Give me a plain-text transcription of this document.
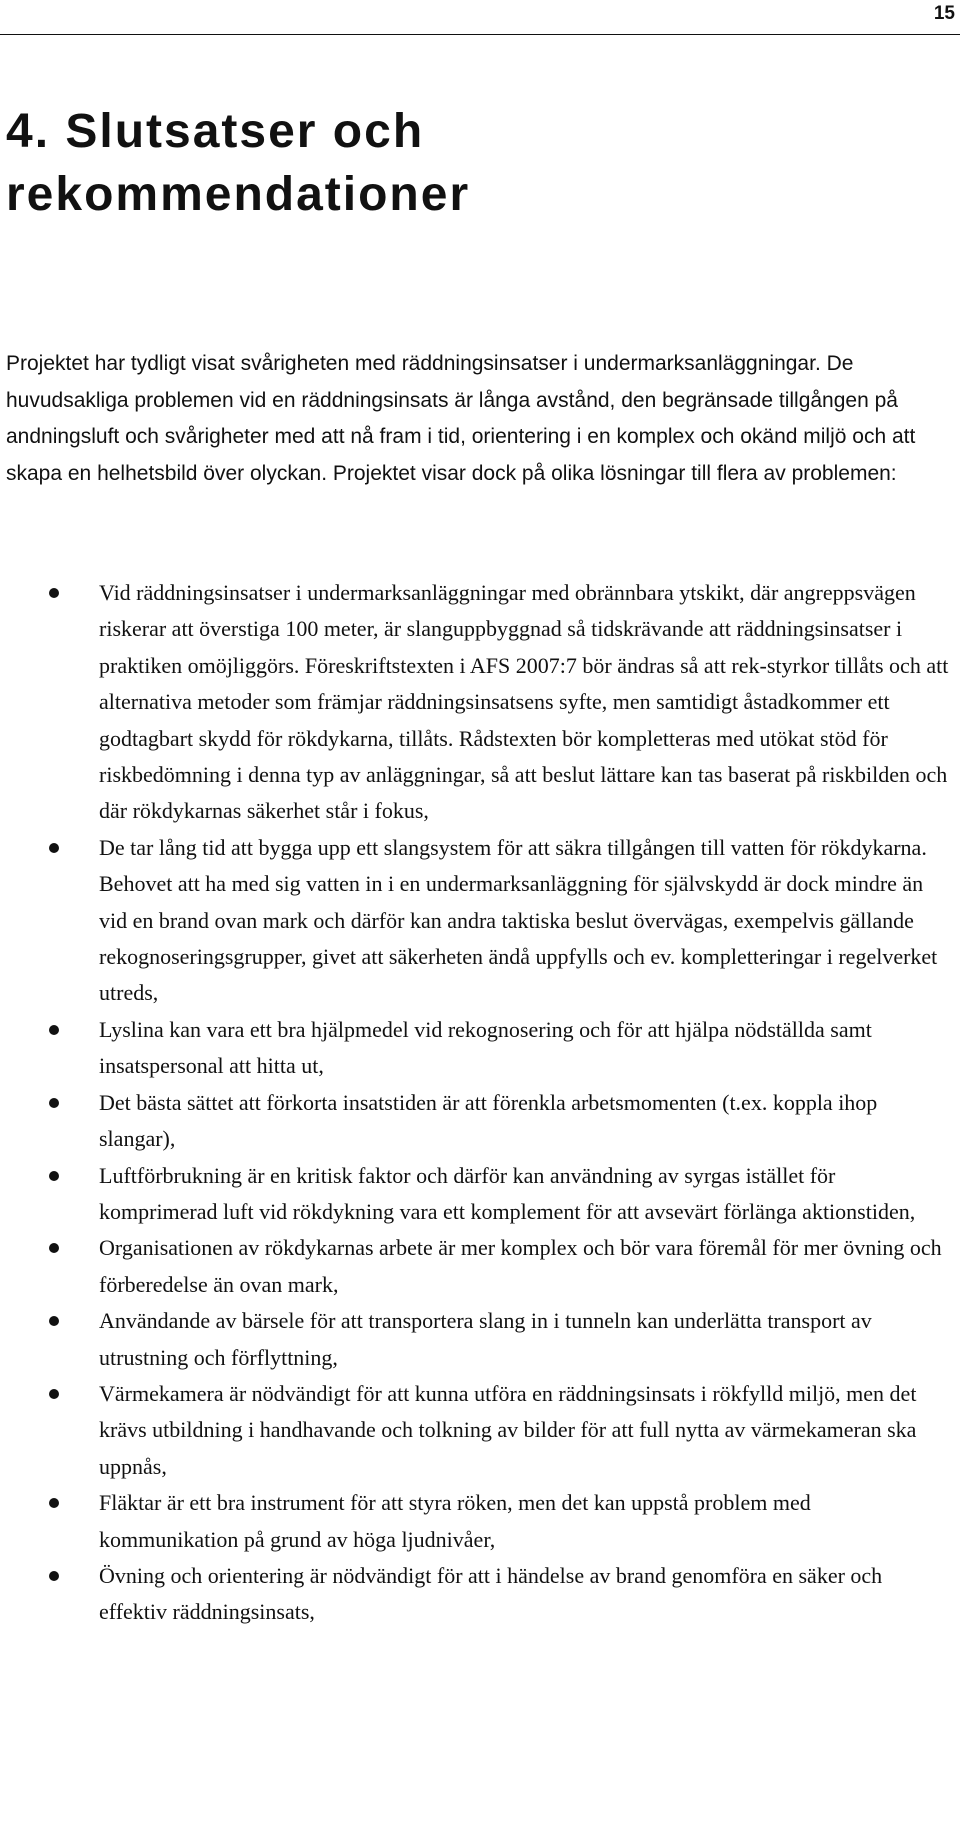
15
4. Slutsatser och
rekommendationer

Projektet har tydligt visat svårigheten med räddningsinsatser i undermarksanläggningar. De huvudsakliga problemen vid en räddningsinsats är långa avstånd, den begränsade tillgången på andningsluft och svårigheter med att nå fram i tid, orientering i en komplex och okänd miljö och att skapa en helhetsbild över olyckan. Projektet visar dock på olika lösningar till flera av problemen:

Vid räddningsinsatser i undermarksanläggningar med obrännbara ytskikt, där angreppsvägen riskerar att överstiga 100 meter, är slanguppbyggnad så tidskrävande att räddningsinsatser i praktiken omöjliggörs. Föreskriftstexten i AFS 2007:7 bör ändras så att rek-styrkor tillåts och att alternativa metoder som främjar räddningsinsatsens syfte, men samtidigt åstadkommer ett godtagbart skydd för rökdykarna, tillåts. Rådstexten bör kompletteras med utökat stöd för riskbedömning i denna typ av anläggningar, så att beslut lättare kan tas baserat på riskbilden och där rökdykarnas säkerhet står i fokus,
De tar lång tid att bygga upp ett slangsystem för att säkra tillgången till vatten för rökdykarna. Behovet att ha med sig vatten in i en undermarksanläggning för självskydd är dock mindre än vid en brand ovan mark och därför kan andra taktiska beslut övervägas, exempelvis gällande rekognoseringsgrupper, givet att säkerheten ändå uppfylls och ev. kompletteringar i regelverket utreds,
Lyslina kan vara ett bra hjälpmedel vid rekognosering och för att hjälpa nödställda samt insatspersonal att hitta ut,
Det bästa sättet att förkorta insatstiden är att förenkla arbetsmomenten (t.ex. koppla ihop slangar),
Luftförbrukning är en kritisk faktor och därför kan användning av syrgas istället för komprimerad luft vid rökdykning vara ett komplement för att avsevärt förlänga aktionstiden,
Organisationen av rökdykarnas arbete är mer komplex och bör vara föremål för mer övning och förberedelse än ovan mark,
Användande av bärsele för att transportera slang in i tunneln kan underlätta transport av utrustning och förflyttning,
Värmekamera är nödvändigt för att kunna utföra en räddningsinsats i rökfylld miljö, men det krävs utbildning i handhavande och tolkning av bilder för att full nytta av värmekameran ska uppnås,
Fläktar är ett bra instrument för att styra röken, men det kan uppstå problem med kommunikation på grund av höga ljudnivåer,
Övning och orientering är nödvändigt för att i händelse av brand genomföra en säker och effektiv räddningsinsats,
